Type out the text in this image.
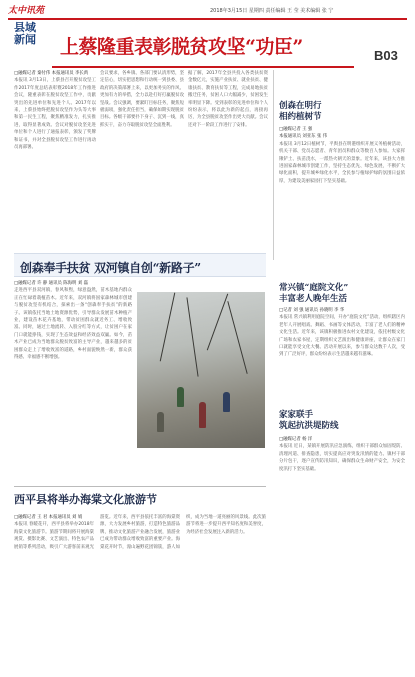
太中讯苑	2018年3月15日 星期四 责任编辑 王 莹 美术编辑 张 宁
县域
新闻	上蔡隆重表彰脱贫攻坚“功臣”	B03
□融媒记者 秦付伟 本报通讯员 李长禹
本报讯 3月13日，上蔡县召开脱贫攻坚工作2017年度总结表彰暨2018年工作推进会议，隆重表彰在脱贫攻坚工作中，贡献突出的先进单位和先进个人。2017年以来，上蔡县始终把脱贫攻坚作为头等大事和第一民生工程，聚焦精准发力，扎实推进，取得显著成效。会议对脱贫攻坚先进单位和个人进行了通报表彰，颁发了奖牌和证书，并对全县脱贫攻坚工作进行再动员再部署。
会议要求，各乡镇、各部门要认清形势，坚定信心，切实把思想和行动统一到县委、县政府的决策部署上来，以更加务实的作风、更加有力的举措，全力以赴打好打赢脱贫攻坚战。会议强调，要紧盯目标任务，聚焦短板弱项，强化责任担当，确保如期实现脱贫目标。各级干部要扑下身子、沉到一线，真抓实干，奋力夺取脱贫攻坚全面胜利。
据了解，2017年全县共投入各类扶贫资金数亿元，实施产业扶贫、就业扶贫、健康扶贫、教育扶贫等工程，完成易地扶贫搬迁任务，贫困人口大幅减少，贫困发生率明显下降。受到表彰的先进单位和个人纷纷表示，将以此为新的起点，再接再厉，为全县脱贫攻坚作出更大贡献。会议还对下一阶段工作进行了安排。
创森在明行
相约植树节
□融媒记者 王 强
本报通讯员 刘亚东 张 伟
本报讯 3月12日植树节，平舆县在明港组织开展义务植树活动，机关干部、党员志愿者、青年团员和群众等数百人参加。大家挥锹铲土、扶苗浇水，一派热火朝天的景象。近年来，该县大力推进国家森林城市创建工作，坚持生态优先、绿色发展，不断扩大绿化面积，提升城乡绿化水平，全民参与植绿护绿的氛围日益浓厚，为建设美丽家园打下坚实基础。
创森奉手扶贫 双河镇自创“新路子”
□融媒记者 许 静 通讯员 陈海明 刘 磊
走进西平县双河镇，春风和煦，绿意盎然，苗木基地内群众正在忙碌着栽植苗木。近年来，双河镇将国家森林城市创建与脱贫攻坚有机结合，探索出一条“创森奉手扶贫”的新路子。该镇依托当地土地资源优势，引导群众发展苗木种植产业，建设苗木花卉基地，带动贫困群众就近务工、增收致富。同时，通过土地流转、入股分红等方式，让贫困户在家门口就能挣钱，实现了生态效益和经济效益双赢。如今，苗木产业已成为当地群众脱贫致富的主导产业，越来越多的贫困群众走上了增收致富的道路，乡村面貌焕然一新，群众获得感、幸福感不断增强。
常兴镇“庭院文化”
丰富老人晚年生活
□记者 刘 强 通讯员 孙晓明 李 华
本报讯 常兴镇利用庭院空间，开办“庭院文化”活动，组织辖区内老年人开展唱戏、舞蹈、书画等文体活动，丰富了老人们的精神文化生活。近年来，该镇积极推进农村文化建设，依托村级文化广场和农家书屋，定期组织文艺演出和健康讲座，让群众在家门口就能享受文化大餐。活动开展以来，参与群众达数千人次，受到了广泛好评，群众纷纷表示生活越来越有滋味。
西平县将举办海棠文化旅游节
□融媒记者 王 君 本报通讯员 刘 娟
本报讯 春暖花开，西平县将举办2018年海棠文化旅游节。旅游节期间将开展海棠观赏、摄影比赛、文艺演出、特色农产品展销等系列活动，吸引广大游客前来观光游览。近年来，西平县依托丰富的海棠资源，大力发展乡村旅游，打造特色旅游品牌，推动文化旅游产业融合发展，旅游业已成为带动群众增收致富的重要产业。海棠花开时节，漫山遍野花团锦簇，游人如织，成为当地一道亮丽的风景线。此次旅游节将进一步提升西平知名度和美誉度，为经济社会发展注入新的活力。
家家联手
筑起抗洪堤防线
□融媒记者 杨 洋
本报讯 近日，某镇开展防汛应急演练，组织干部群众加固堤防、清理河道、排查隐患，切实提高应对突发汛情的能力。镇村干部分片包干，逐户宣传防汛知识，确保群众生命财产安全，为安全度汛打下坚实基础。
